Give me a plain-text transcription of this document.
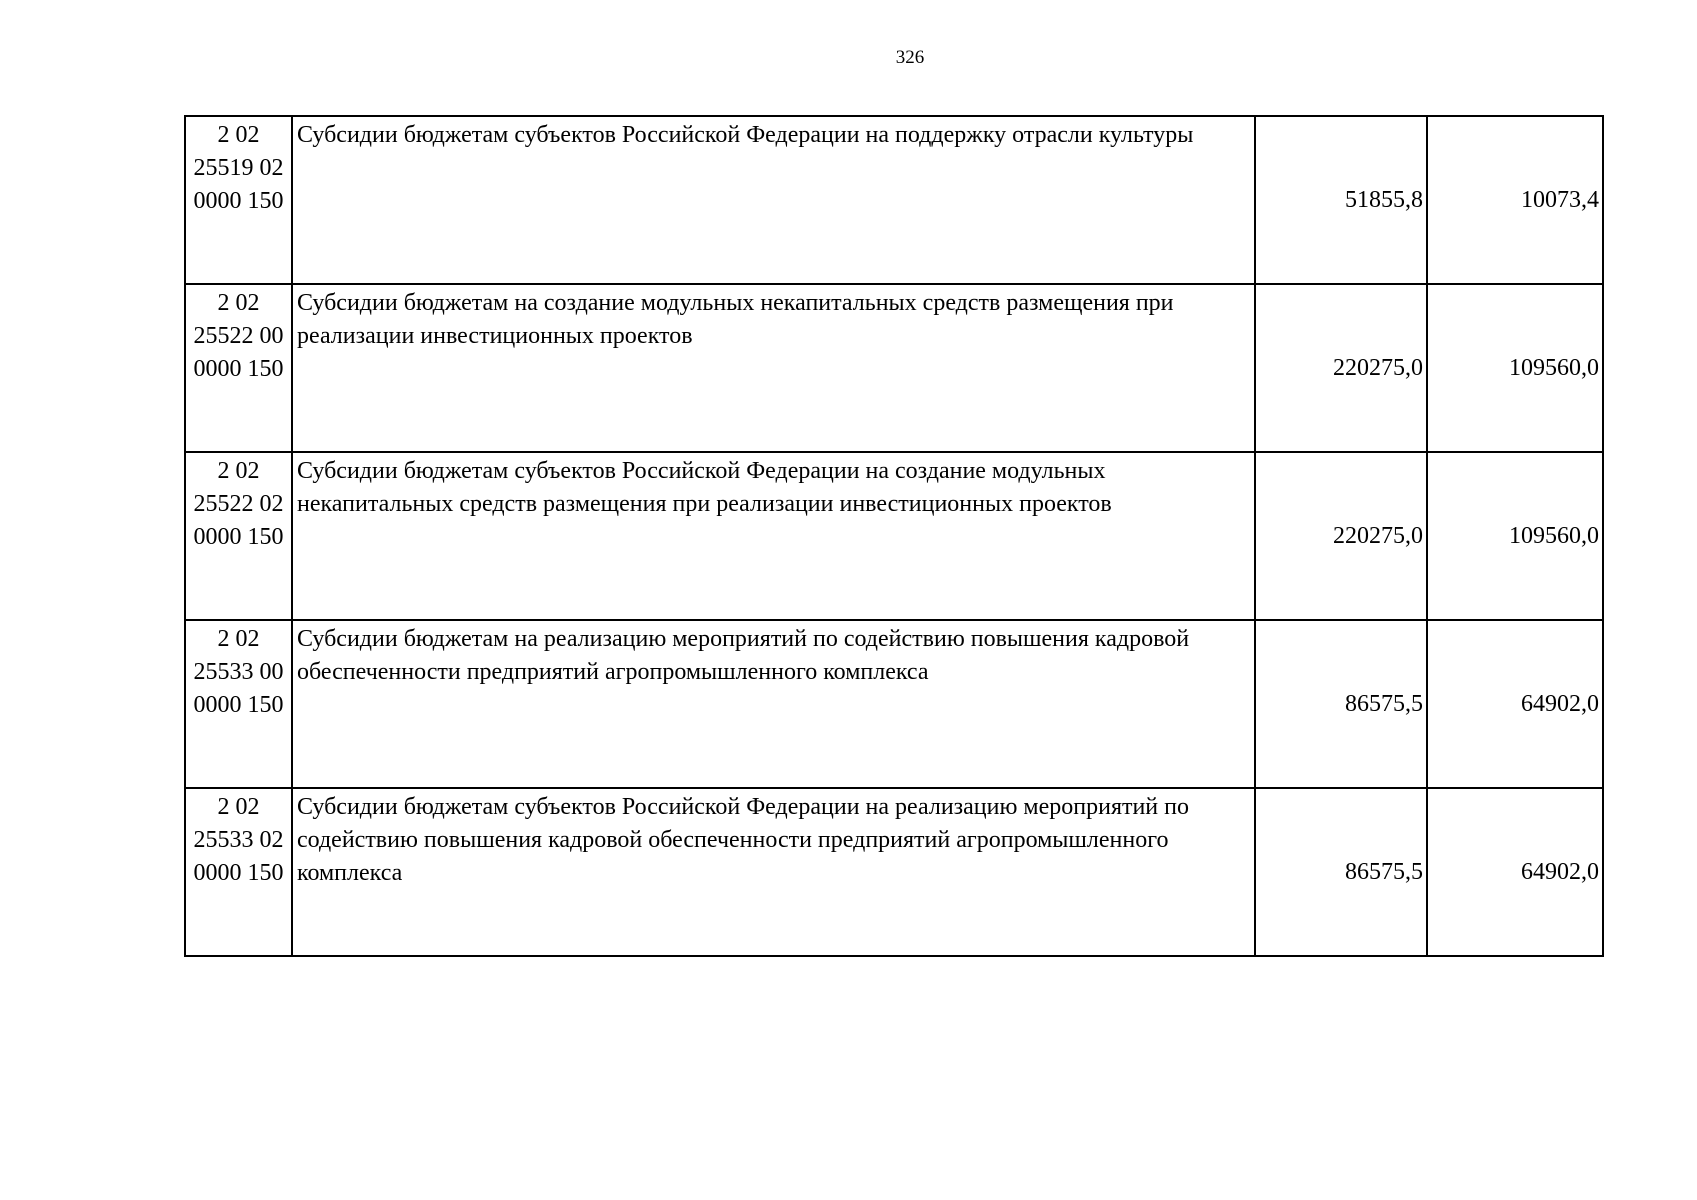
326
2 02
25519 02
0000 150	Субсидии бюджетам субъектов Российской Федерации на поддержку отрасли культуры	51855,8	10073,4

2 02
25522 00
0000 150	Субсидии бюджетам на создание модульных некапитальных средств размещения при реализации инвестиционных проектов	220275,0	109560,0

2 02
25522 02
0000 150	Субсидии бюджетам субъектов Российской Федерации на создание модульных некапитальных средств размещения при реализации инвестиционных проектов	220275,0	109560,0

2 02
25533 00
0000 150	Субсидии бюджетам на реализацию мероприятий по содействию повышения кадровой обеспеченности предприятий агропромышленного комплекса	86575,5	64902,0

2 02
25533 02
0000 150	Субсидии бюджетам субъектов Российской Федерации на реализацию мероприятий по содействию повышения кадровой обеспеченности предприятий агропромышленного комплекса	86575,5	64902,0
